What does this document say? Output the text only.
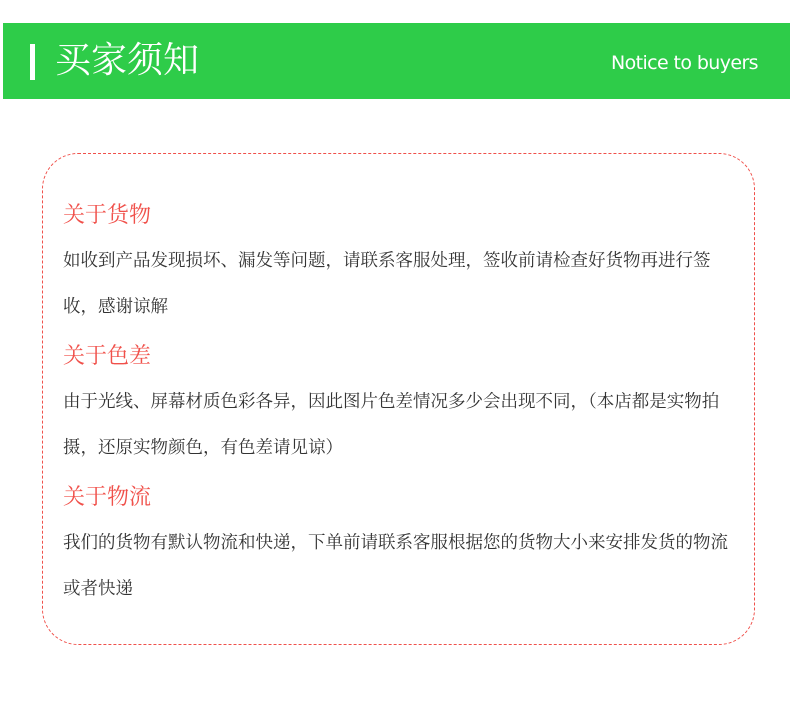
买家须知	Notice to buyers
关于货物

如收到产品发现损坏、漏发等问题，请联系客服处理，签收前请检查好货物再进行签收，感谢谅解

关于色差

由于光线、屏幕材质色彩各异，因此图片色差情况多少会出现不同，（本店都是实物拍摄，还原实物颜色，有色差请见谅）

关于物流

我们的货物有默认物流和快递，下单前请联系客服根据您的货物大小来安排发货的物流或者快递
